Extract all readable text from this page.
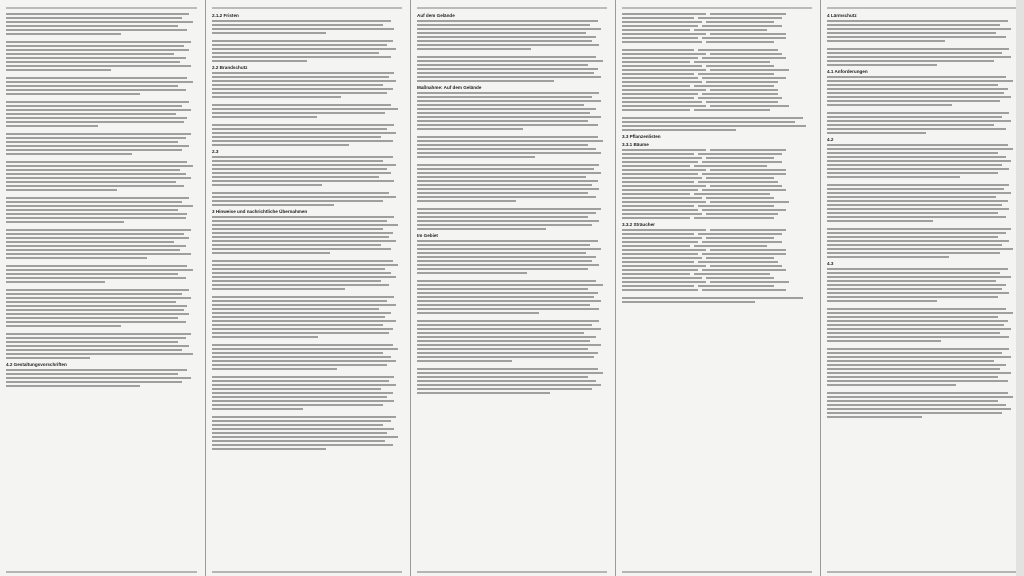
4.2 Gestaltungsvorschriften
2.1.2 Fristen
2.2 Brandschutz
2.3
3 Hinweise und nachrichtliche Übernahmen
Auf dem Gelände
Maßnahme: Auf dem Gelände
Im Gebiet
3.3 Pflanzenlisten
3.3.1 Bäume
3.3.2 Sträucher
4 Lärmschutz
4.1 Anforderungen
4.2
4.3
